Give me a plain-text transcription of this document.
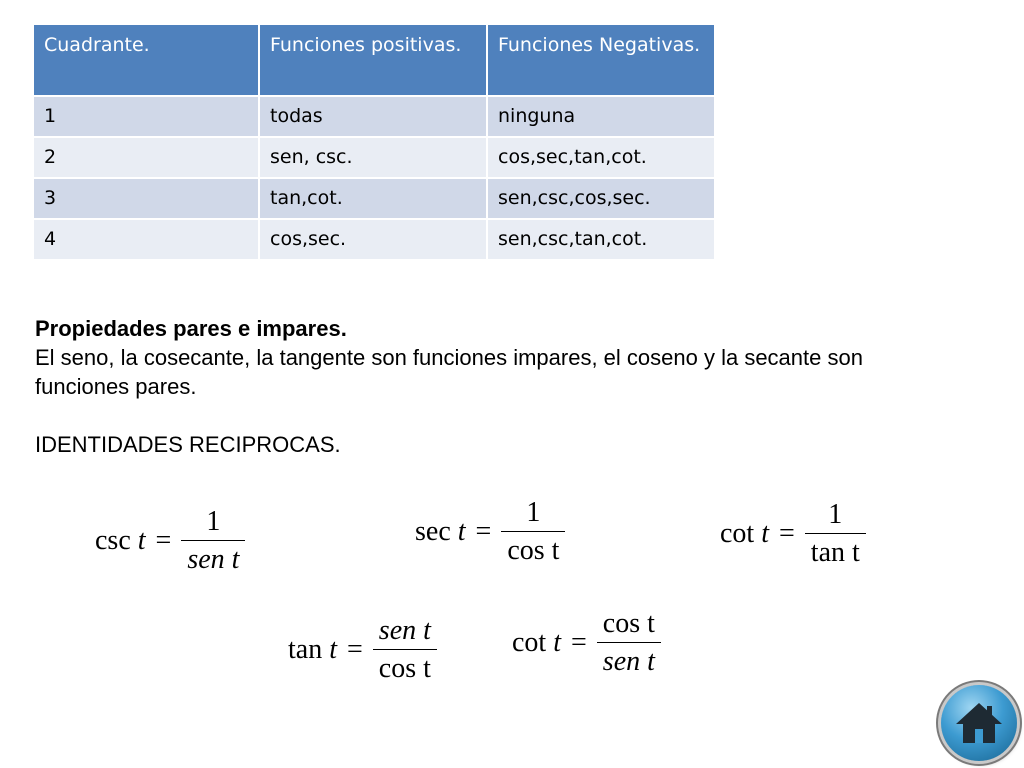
Cuadrante.	Funciones positivas.	Funciones Negativas.
1	todas	ninguna
2	sen, csc.	cos,sec,tan,cot.
3	tan,cot.	sen,csc,cos,sec.
4	cos,sec.	sen,csc,tan,cot.

Propiedades pares e impares.

El seno, la cosecante, la tangente son funciones impares, el coseno y la secante son funciones pares.

IDENTIDADES RECIPROCAS.

$\csc t = \frac{1}{\text{sen t}}$	$\sec t = \frac{1}{\text{cos t}}$	$\cot t = \frac{1}{\text{tan t}}$
$\tan t = \frac{\text{sen t}}{\text{cos t}}$	$\cot t = \frac{\text{cos t}}{\text{sen t}}$
